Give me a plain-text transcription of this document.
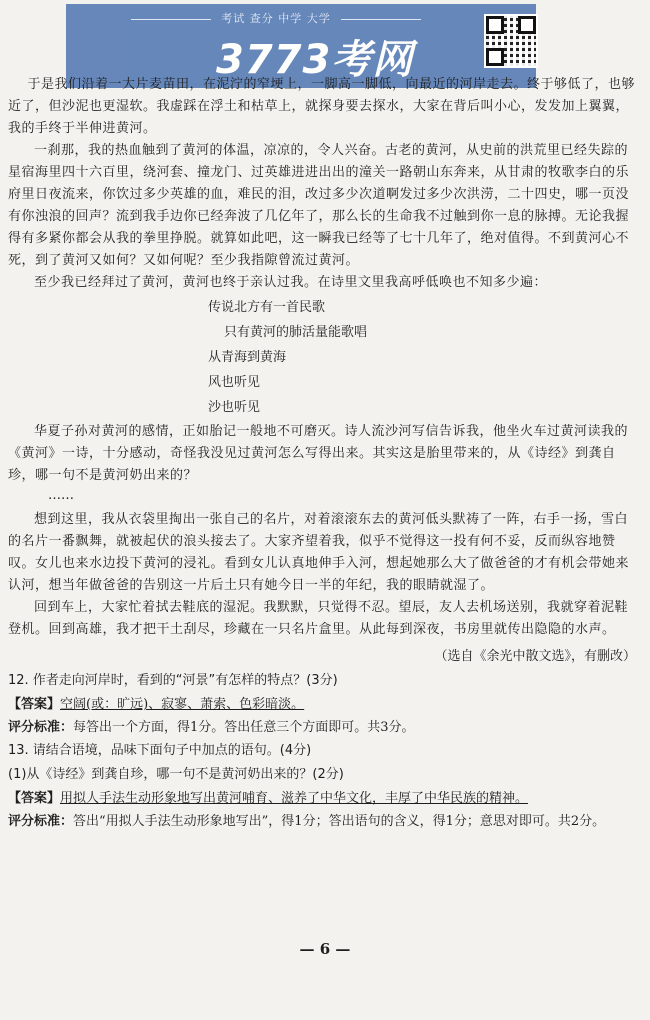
考试 查分 中学 大学
3773考网

于是我们沿着一大片麦苗田，在泥泞的窄埂上，一脚高一脚低，向最近的河岸走去。终于够低了，也够近了，但沙泥也更湿软。我虚踩在浮土和枯草上，就探身要去探水，大家在背后叫小心，发发加上翼翼，我的手终于半伸进黄河。

一刹那，我的热血触到了黄河的体温，凉凉的，令人兴奋。古老的黄河，从史前的洪荒里已经失踪的星宿海里四十六百里，绕河套、撞龙门、过英雄进进出出的潼关一路朝山东奔来，从甘肃的牧歌李白的乐府里日夜流来，你饮过多少英雄的血，难民的泪，改过多少次道啊发过多少次洪涝，二十四史，哪一页没有你浊浪的回声？流到我手边你已经奔波了几亿年了，那么长的生命我不过触到你一息的脉搏。无论我握得有多紧你都会从我的拳里挣脱。就算如此吧，这一瞬我已经等了七十几年了，绝对值得。不到黄河心不死，到了黄河又如何？又如何呢？至少我指隙曾流过黄河。

至少我已经拜过了黄河，黄河也终于亲认过我。在诗里文里我高呼低唤也不知多少遍：

传说北方有一首民歌
只有黄河的肺活量能歌唱
从青海到黄海
风也听见
沙也听见

华夏子孙对黄河的感情，正如胎记一般地不可磨灭。诗人流沙河写信告诉我，他坐火车过黄河读我的《黄河》一诗，十分感动，奇怪我没见过黄河怎么写得出来。其实这是胎里带来的，从《诗经》到龚自珍，哪一句不是黄河奶出来的？

……

想到这里，我从衣袋里掏出一张自己的名片，对着滚滚东去的黄河低头默祷了一阵，右手一扬，雪白的名片一番飘舞，就被起伏的浪头接去了。大家齐望着我，似乎不觉得这一投有何不妥，反而纵容地赞叹。女儿也来水边投下黄河的浸礼。看到女儿认真地伸手入河，想起她那么大了做爸爸的才有机会带她来认河，想当年做爸爸的告别这一片后土只有她今日一半的年纪，我的眼睛就湿了。

回到车上，大家忙着拭去鞋底的湿泥。我默默，只觉得不忍。望辰，友人去机场送别，我就穿着泥鞋登机。回到高雄，我才把干土刮尽，珍藏在一只名片盒里。从此每到深夜，书房里就传出隐隐的水声。

（选自《余光中散文选》，有删改）

12. 作者走向河岸时，看到的“河景”有怎样的特点？(3分)

【答案】空阔(或：旷远)、寂寥、萧索、色彩暗淡。

评分标准：每答出一个方面，得1分。答出任意三个方面即可。共3分。

13. 请结合语境，品味下面句子中加点的语句。(4分)

(1)从《诗经》到龚自珍，哪一句不是黄河奶出来的？(2分)

【答案】用拟人手法生动形象地写出黄河哺育、滋养了中华文化，丰厚了中华民族的精神。

评分标准：答出“用拟人手法生动形象地写出”，得1分；答出语句的含义，得1分；意思对即可。共2分。

— 6 —
